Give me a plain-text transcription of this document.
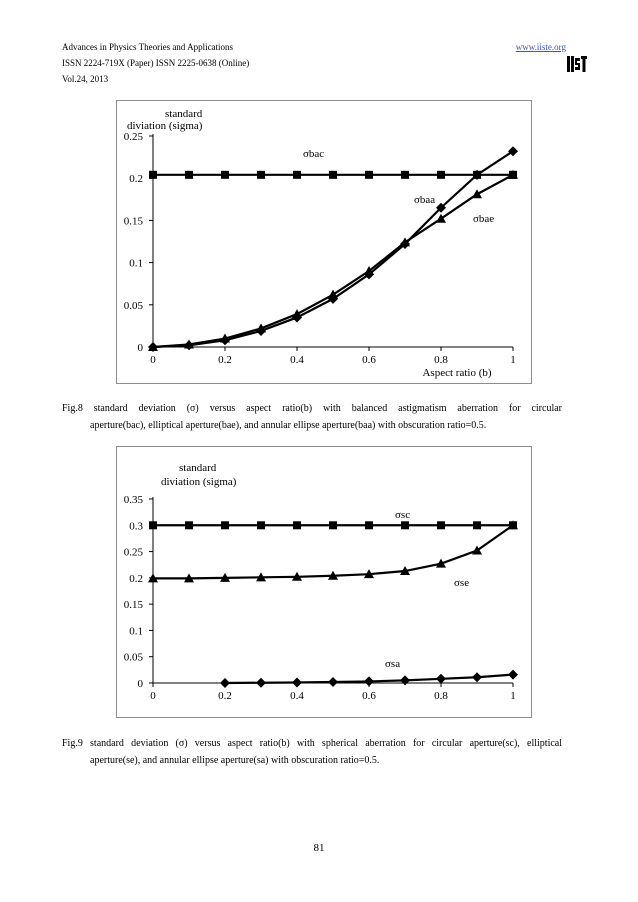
Advances in Physics Theories and Applications
ISSN 2224-719X (Paper) ISSN 2225-0638 (Online)
Vol.24, 2013
www.iiste.org
0
0.05
0.1
0.15
0.2
0.25
0	0.2	0.4	0.6	0.8	1
standard
diviation (sigma)
Aspect ratio (b)
σbac
σbaa
σbae
Fig.8 standard deviation (σ) versus aspect ratio(b) with balanced astigmatism aberration for circular
aperture(bac), elliptical aperture(bae), and annular ellipse aperture(baa) with obscuration ratio=0.5.
0
0.05
0.1
0.15
0.2
0.25
0.3
0.35
0	0.2	0.4	0.6	0.8	1
standard
diviation (sigma)
σsc
σse
σsa
Fig.9 standard deviation (σ) versus aspect ratio(b) with spherical aberration for circular aperture(sc), elliptical
aperture(se), and annular ellipse aperture(sa) with obscuration ratio=0.5.
81
